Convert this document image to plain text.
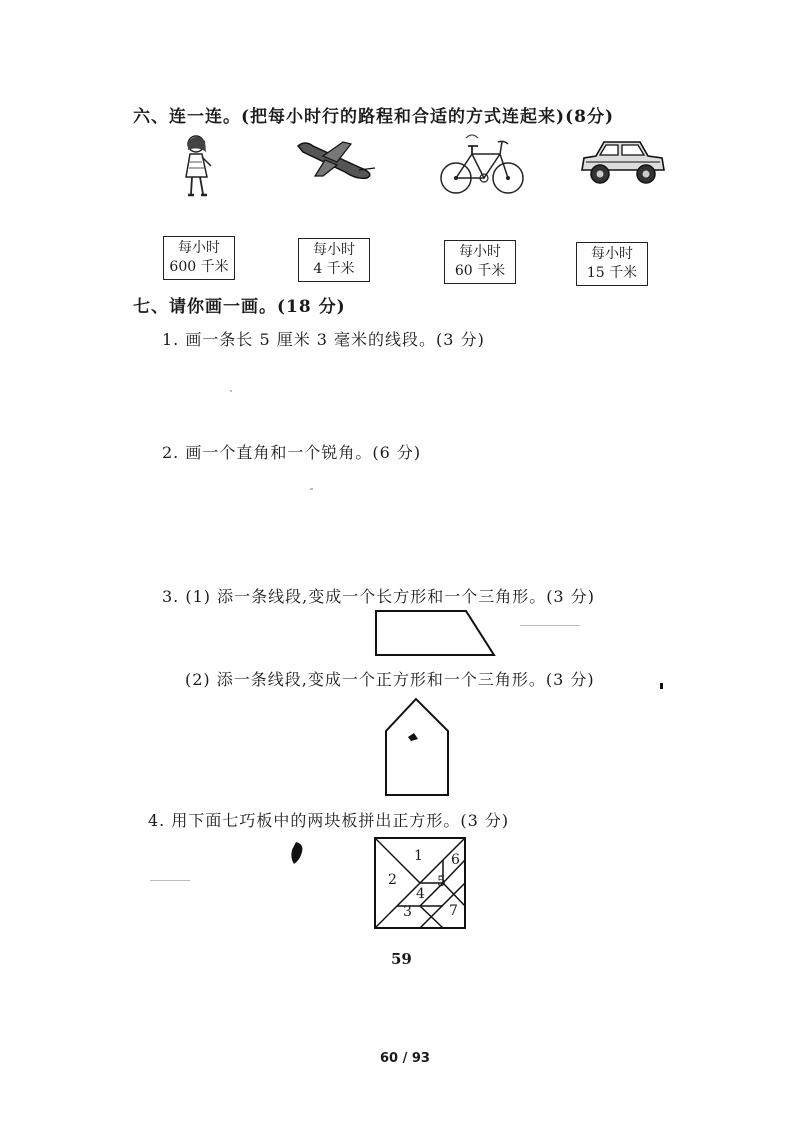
六、连一连。(把每小时行的路程和合适的方式连起来)(8分)
每小时
600 千米
每小时
4 千米
每小时
60 千米
每小时
15 千米
七、请你画一画。(18 分)
1. 画一条长 5 厘米 3 毫米的线段。(3 分)
2. 画一个直角和一个锐角。(6 分)
3. (1) 添一条线段,变成一个长方形和一个三角形。(3 分)
(2) 添一条线段,变成一个正方形和一个三角形。(3 分)
4. 用下面七巧板中的两块板拼出正方形。(3 分)
1
2
3
4
5
6
7
59
60 / 93
